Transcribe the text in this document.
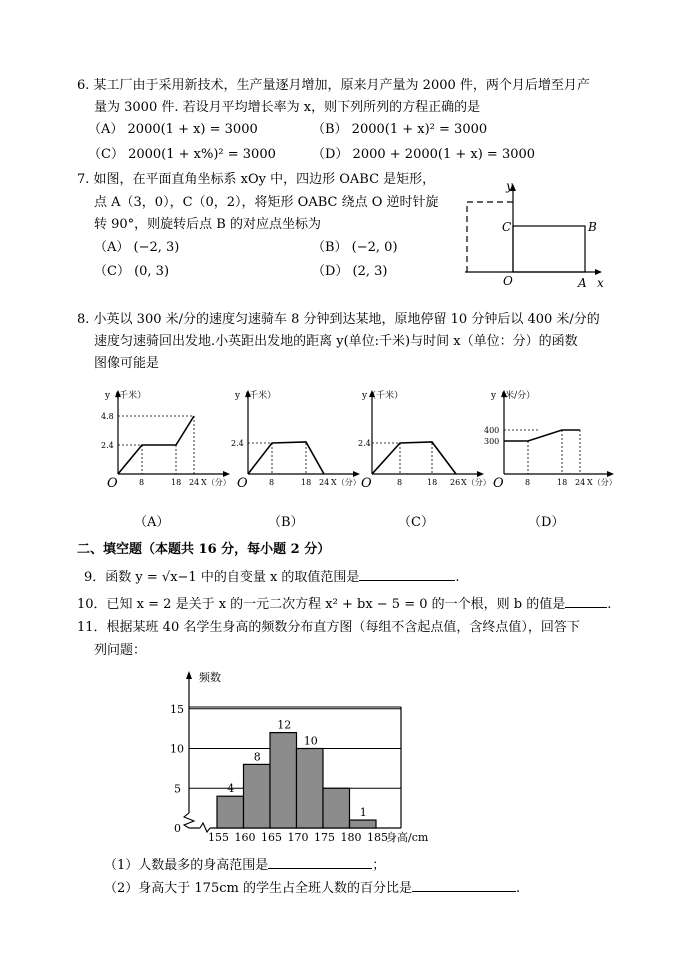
6. 某工厂由于采用新技术，生产量逐月增加，原来月产量为 2000 件，两个月后增至月产
量为 3000 件. 若设月平均增长率为 x，则下列所列的方程正确的是
（A） 2000(1 + x) = 3000	（B） 2000(1 + x)² = 3000
（C） 2000(1 + x%)² = 3000	（D） 2000 + 2000(1 + x) = 3000
7. 如图，在平面直角坐标系 xOy 中，四边形 OABC 是矩形，
点 A（3，0），C（0，2），将矩形 OABC 绕点 O 逆时针旋
转 90°，则旋转后点 B 的对应点坐标为
（A） (−2, 3)	（B） (−2, 0)
（C） (0, 3)	（D） (2, 3)
y
C	B
O	A x
8. 小英以 300 米/分的速度匀速骑车 8 分钟到达某地，原地停留 10 分钟后以 400 米/分的
速度匀速骑回出发地.小英距出发地的距离 y(单位:千米)与时间 x（单位：分）的函数
图像可能是
y（千米）
4.8
2.4
O	8	18 24 X（分）
（A）
y（千米）
2.4
O	8	18 24 X（分）
（B）
y（千米）
2.4
O	8	18 26 X（分）
（C）
y（米/分）
400
300
O	8	18 24 X（分）
（D）
二、填空题（本题共 16 分，每小题 2 分）
9．函数 y = √x−1 中的自变量 x 的取值范围是	.
10．已知 x = 2 是关于 x 的一元二次方程 x² + bx − 5 = 0 的一个根，则 b 的值是	.
11．根据某班 40 名学生身高的频数分布直方图（每组不含起点值，含终点值），回答下
列问题：
0
5
10
15
4
8
12
10
1
155 160 165 170 175 180 185
频数
身高/cm
（1）人数最多的身高范围是	；
（2）身高大于 175cm 的学生占全班人数的百分比是	.
